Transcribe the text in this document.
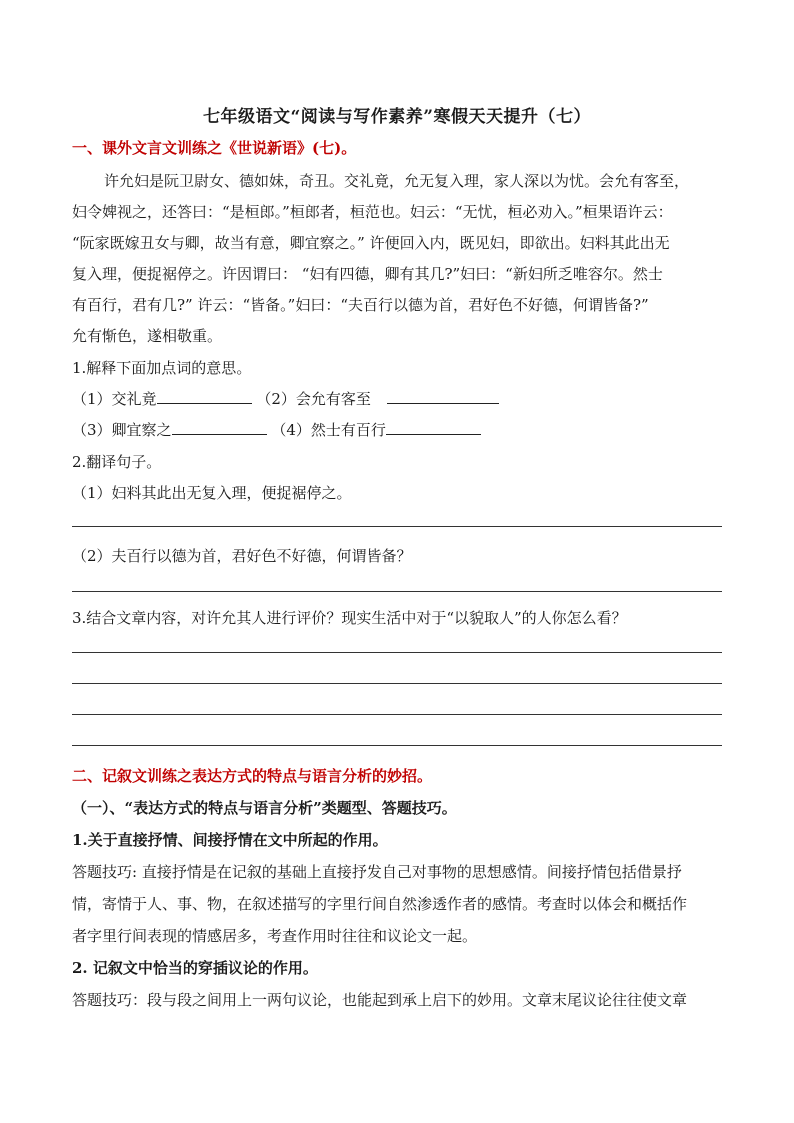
七年级语文“阅读与写作素养”寒假天天提升（七）
一、课外文言文训练之《世说新语》(七)。
许允妇是阮卫尉女、德如妹，奇丑。交礼竟，允无复入理，家人深以为忧。会允有客至，
妇令婢视之，还答曰：“是桓郎。”桓郎者，桓范也。妇云：“无忧，桓必劝入。”桓果语许云：
“阮家既嫁丑女与卿，故当有意，卿宜察之。” 许便回入内，既见妇，即欲出。妇料其此出无
复入理，便捉裾停之。许因谓曰： “妇有四德，卿有其几?”妇曰：“新妇所乏唯容尔。然士
有百行，君有几?” 许云：“皆备。”妇曰：“夫百行以德为首，君好色不好德，何谓皆备?”
允有惭色，遂相敬重。
1.解释下面加点词的意思。
（1）交礼竟	（2）会允有客至
（3）卿宜察之	（4）然士有百行
2.翻译句子。
（1）妇料其此出无复入理，便捉裾停之。
（2）夫百行以德为首，君好色不好德，何谓皆备？
3.结合文章内容，对许允其人进行评价？现实生活中对于“以貌取人”的人你怎么看？
二、记叙文训练之表达方式的特点与语言分析的妙招。
（一）、“表达方式的特点与语言分析”类题型、答题技巧。
1.关于直接抒情、间接抒情在文中所起的作用。
答题技巧: 直接抒情是在记叙的基础上直接抒发自己对事物的思想感情。间接抒情包括借景抒
情，寄情于人、事、物，在叙述描写的字里行间自然渗透作者的感情。考查时以体会和概括作
者字里行间表现的情感居多，考查作用时往往和议论文一起。
2. 记叙文中恰当的穿插议论的作用。
答题技巧：段与段之间用上一两句议论，也能起到承上启下的妙用。文章末尾议论往往使文章
